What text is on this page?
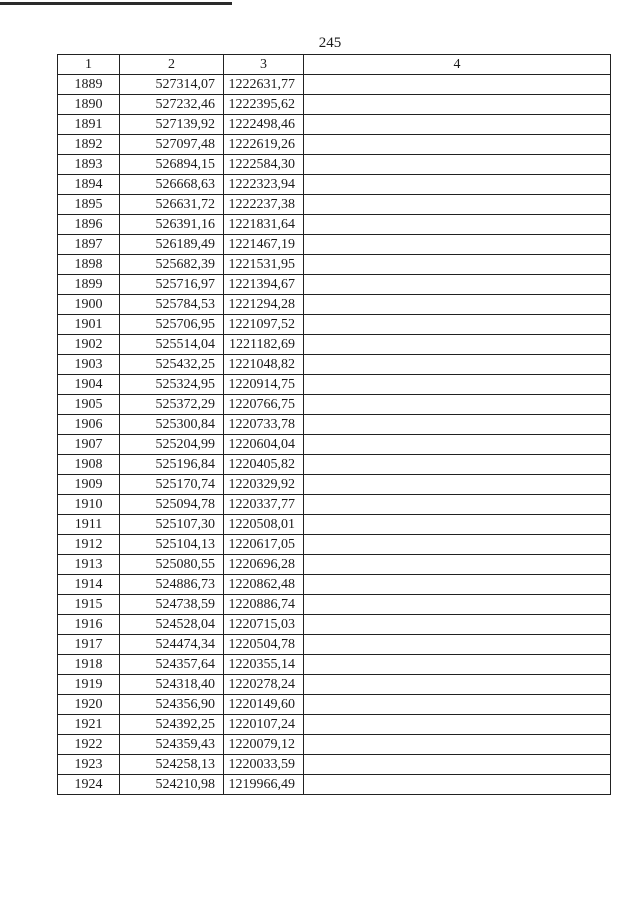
245
1	2	3	4
1889	527314,07	1222631,77	
1890	527232,46	1222395,62	
1891	527139,92	1222498,46	
1892	527097,48	1222619,26	
1893	526894,15	1222584,30	
1894	526668,63	1222323,94	
1895	526631,72	1222237,38	
1896	526391,16	1221831,64	
1897	526189,49	1221467,19	
1898	525682,39	1221531,95	
1899	525716,97	1221394,67	
1900	525784,53	1221294,28	
1901	525706,95	1221097,52	
1902	525514,04	1221182,69	
1903	525432,25	1221048,82	
1904	525324,95	1220914,75	
1905	525372,29	1220766,75	
1906	525300,84	1220733,78	
1907	525204,99	1220604,04	
1908	525196,84	1220405,82	
1909	525170,74	1220329,92	
1910	525094,78	1220337,77	
1911	525107,30	1220508,01	
1912	525104,13	1220617,05	
1913	525080,55	1220696,28	
1914	524886,73	1220862,48	
1915	524738,59	1220886,74	
1916	524528,04	1220715,03	
1917	524474,34	1220504,78	
1918	524357,64	1220355,14	
1919	524318,40	1220278,24	
1920	524356,90	1220149,60	
1921	524392,25	1220107,24	
1922	524359,43	1220079,12	
1923	524258,13	1220033,59	
1924	524210,98	1219966,49	
